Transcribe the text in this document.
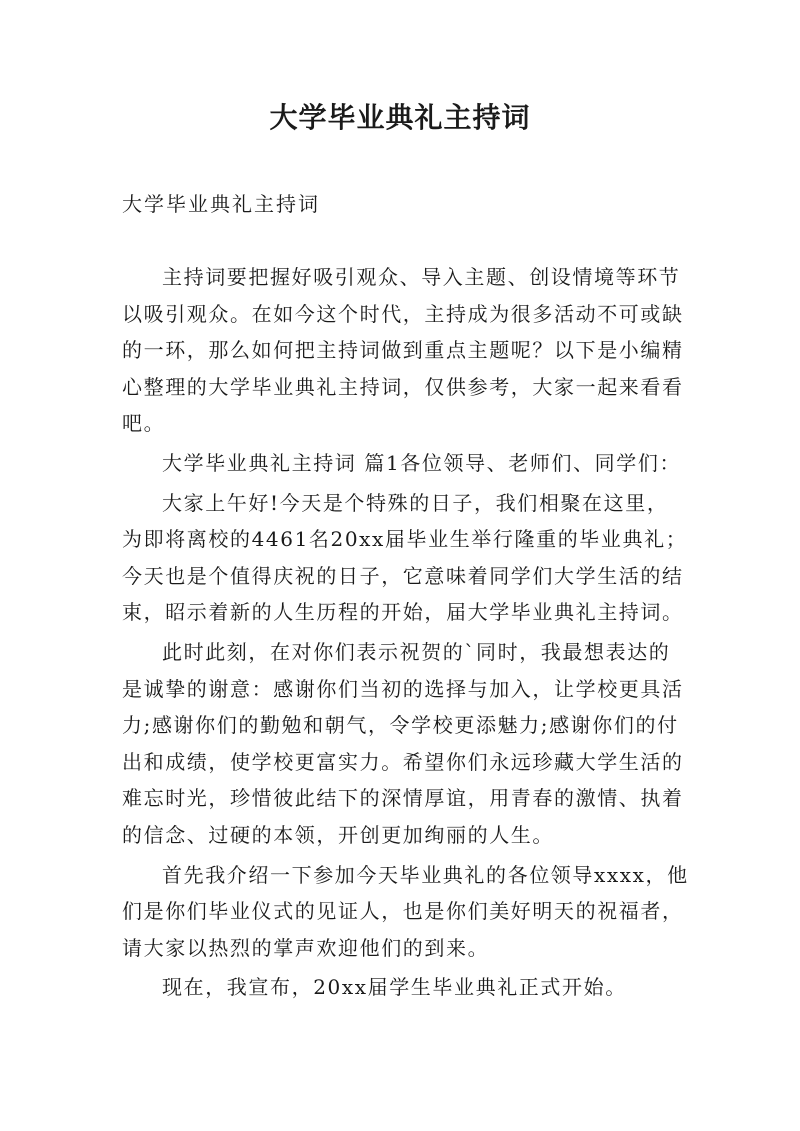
大学毕业典礼主持词
大学毕业典礼主持词

主持词要把握好吸引观众、导入主题、创设情境等环节以吸引观众。在如今这个时代，主持成为很多活动不可或缺的一环，那么如何把主持词做到重点主题呢？以下是小编精心整理的大学毕业典礼主持词，仅供参考，大家一起来看看吧。

大学毕业典礼主持词 篇1各位领导、老师们、同学们：

大家上午好!今天是个特殊的日子，我们相聚在这里，为即将离校的4461名20xx届毕业生举行隆重的毕业典礼；今天也是个值得庆祝的日子，它意味着同学们大学生活的结束，昭示着新的人生历程的开始，届大学毕业典礼主持词。

此时此刻，在对你们表示祝贺的`同时，我最想表达的是诚挚的谢意：感谢你们当初的选择与加入，让学校更具活力;感谢你们的勤勉和朝气，令学校更添魅力;感谢你们的付出和成绩，使学校更富实力。希望你们永远珍藏大学生活的难忘时光，珍惜彼此结下的深情厚谊，用青春的激情、执着的信念、过硬的本领，开创更加绚丽的人生。

首先我介绍一下参加今天毕业典礼的各位领导xxxx，他们是你们毕业仪式的见证人，也是你们美好明天的祝福者，请大家以热烈的掌声欢迎他们的到来。

现在，我宣布，20xx届学生毕业典礼正式开始。
